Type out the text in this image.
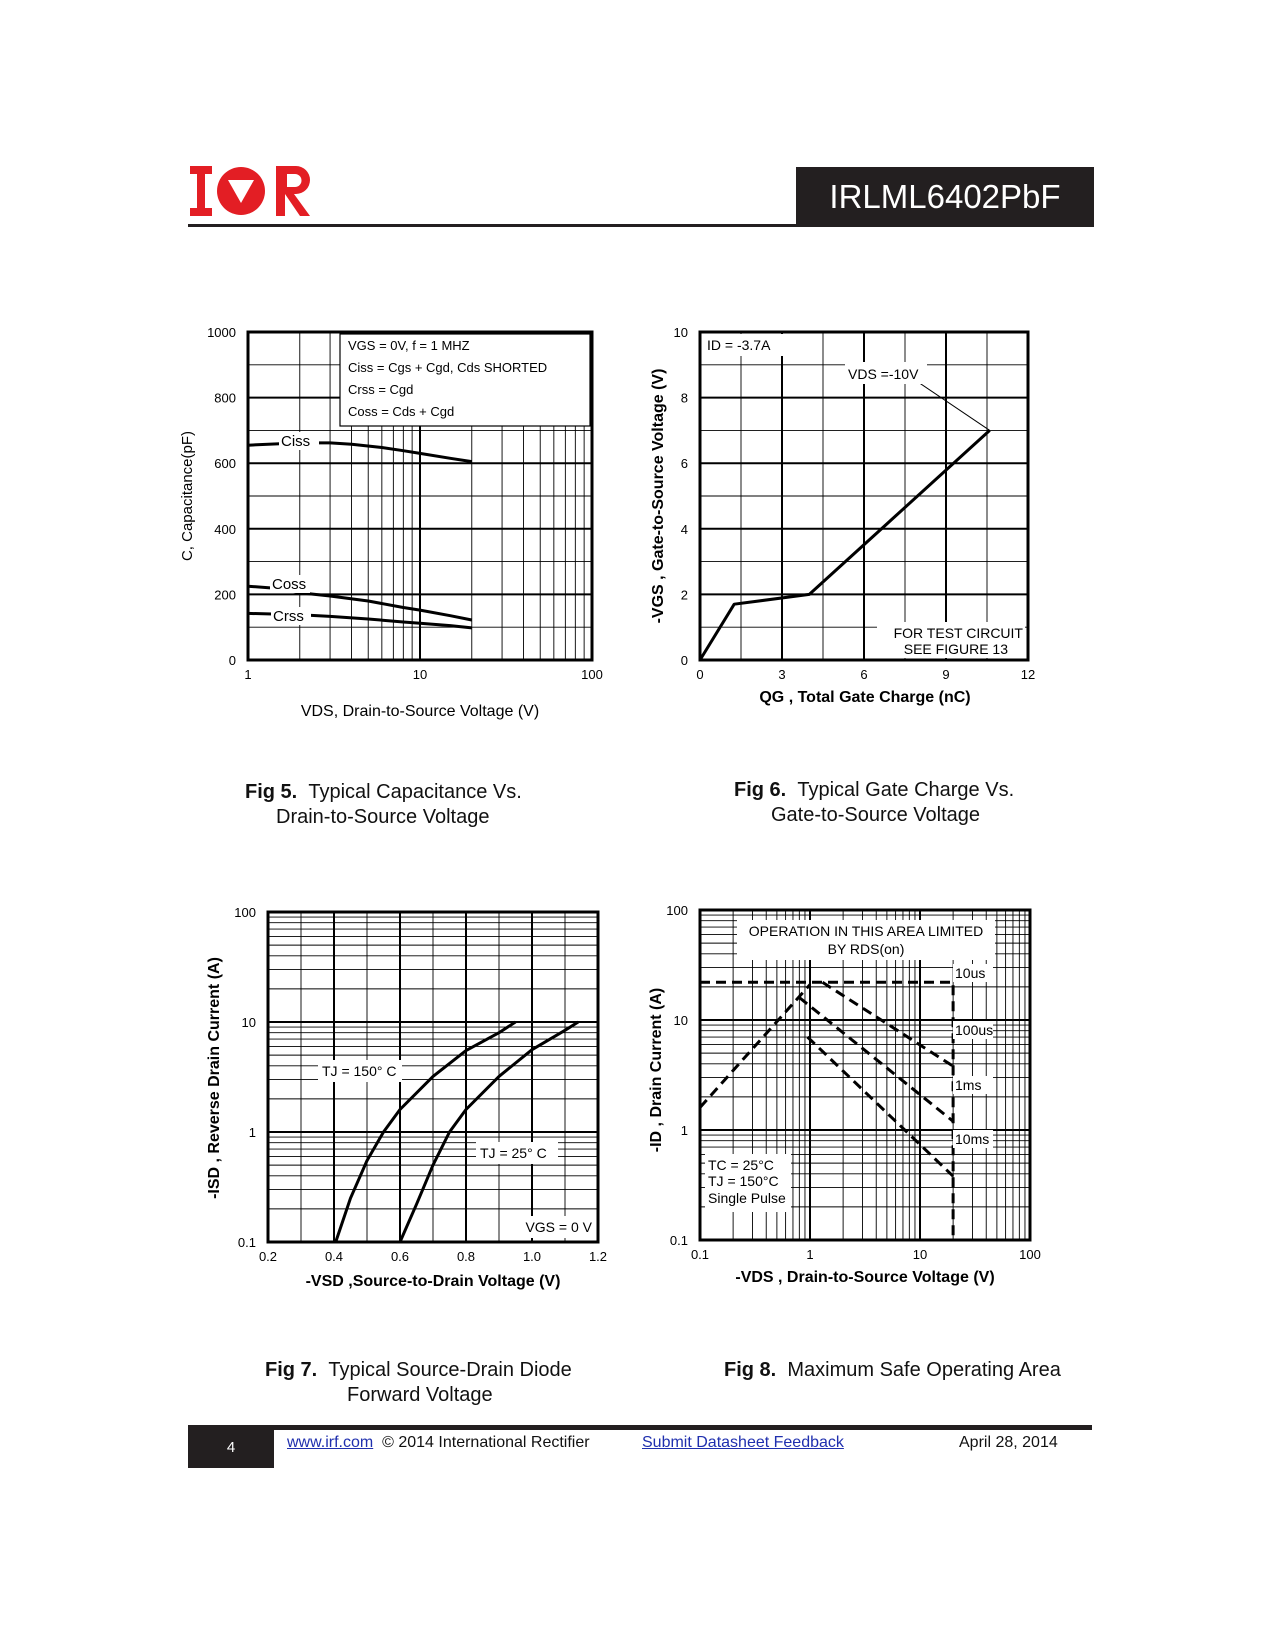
IRLML6402PbF
1	10	100
0
200
400
600
800
1000
VGS = 0V, f = 1 MHZ
Ciss = Cgs + Cgd, Cds SHORTED
Crss = Cgd
Coss = Cds + Cgd
Ciss
Coss
Crss
VDS, Drain-to-Source Voltage (V)
C, Capacitance(pF)
Fig 5. Typical Capacitance Vs.
Drain-to-Source Voltage
0	3	6	9	12
0
2
4
6
8
10
ID = -3.7A
VDS =-10V
FOR TEST CIRCUIT
SEE FIGURE 13
QG , Total Gate Charge (nC)
-VGS , Gate-to-Source Voltage (V)
Fig 6. Typical Gate Charge Vs.
Gate-to-Source Voltage
0.2	0.4	0.6	0.8	1.0	1.2
0.1
1
10
100
TJ = 150° C
TJ = 25° C
VGS = 0 V
-VSD ,Source-to-Drain Voltage (V)
-ISD , Reverse Drain Current (A)
Fig 7. Typical Source-Drain Diode
Forward Voltage
0.1	1	10	100
0.1
1
10
100
OPERATION IN THIS AREA LIMITED
BY RDS(on)
10us
100us
1ms
10ms
TC = 25°C
TJ = 150°C
Single Pulse
-VDS , Drain-to-Source Voltage (V)
-ID , Drain Current (A)
Fig 8. Maximum Safe Operating Area
4	www.irf.com © 2014 International Rectifier	Submit Datasheet Feedback	April 28, 2014
